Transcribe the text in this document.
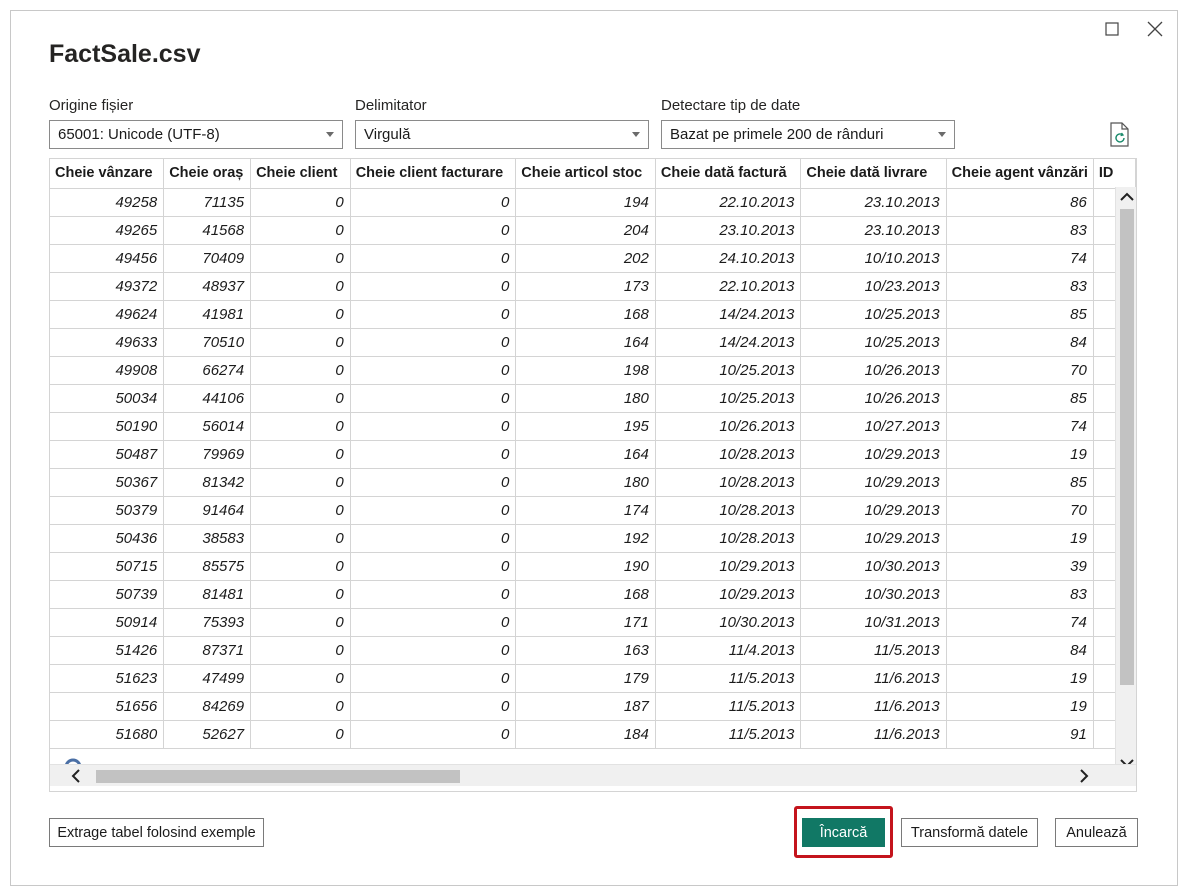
FactSale.csv
Origine fișier
65001: Unicode (UTF-8)
Delimitator
Virgulă
Detectare tip de date
Bazat pe primele 200 de rânduri
Cheie vânzare	Cheie oraș	Cheie client	Cheie client facturare	Cheie articol stoc	Cheie dată factură	Cheie dată livrare	Cheie agent vânzări	ID
49258	71135	0	0	194	22.10.2013	23.10.2013	86	
49265	41568	0	0	204	23.10.2013	23.10.2013	83	
49456	70409	0	0	202	24.10.2013	10/10.2013	74	
49372	48937	0	0	173	22.10.2013	10/23.2013	83	
49624	41981	0	0	168	14/24.2013	10/25.2013	85	
49633	70510	0	0	164	14/24.2013	10/25.2013	84	
49908	66274	0	0	198	10/25.2013	10/26.2013	70	
50034	44106	0	0	180	10/25.2013	10/26.2013	85	
50190	56014	0	0	195	10/26.2013	10/27.2013	74	
50487	79969	0	0	164	10/28.2013	10/29.2013	19	
50367	81342	0	0	180	10/28.2013	10/29.2013	85	
50379	91464	0	0	174	10/28.2013	10/29.2013	70	
50436	38583	0	0	192	10/28.2013	10/29.2013	19	
50715	85575	0	0	190	10/29.2013	10/30.2013	39	
50739	81481	0	0	168	10/29.2013	10/30.2013	83	
50914	75393	0	0	171	10/30.2013	10/31.2013	74	
51426	87371	0	0	163	11/4.2013	11/5.2013	84	
51623	47499	0	0	179	11/5.2013	11/6.2013	19	
51656	84269	0	0	187	11/5.2013	11/6.2013	19	
51680	52627	0	0	184	11/5.2013	11/6.2013	91	
Extrage tabel folosind exemple	Încarcă	Transformă datele	Anulează
